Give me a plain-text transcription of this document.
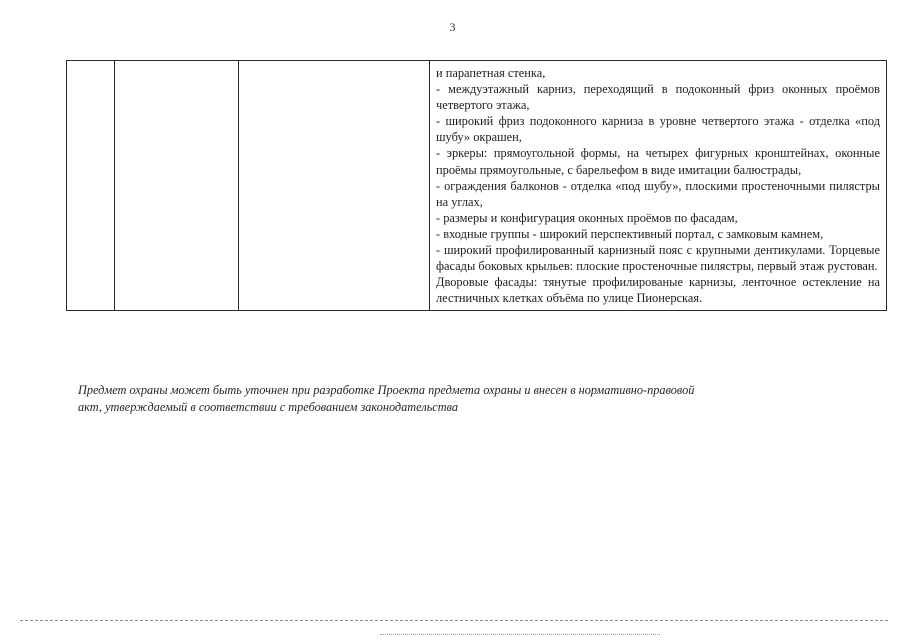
3

и парапетная стенка,

- междуэтажный карниз, переходящий в подоконный фриз оконных проёмов четвертого этажа,

- широкий фриз подоконного карниза в уровне четвертого этажа - отделка «под шубу» окрашен,

- эркеры: прямоугольной формы, на четырех фигурных кронштейнах, оконные проёмы прямоугольные, с барельефом в виде имитации балюстрады,

- ограждения балконов - отделка «под шубу», плоскими простеночными пилястры на углах,

- размеры и конфигурация оконных проёмов по фасадам,

- входные группы - широкий перспективный портал, с замковым камнем,

- широкий профилированный карнизный пояс с крупными дентикулами. Торцевые фасады боковых крыльев: плоские простеночные пилястры, первый этаж рустован.

Дворовые фасады: тянутые профилированые карнизы, ленточное остекление на лестничных клетках объёма по улице Пионерская.

Предмет охраны может быть уточнен при разработке Проекта предмета охраны и внесен в нормативно-правовой

акт, утверждаемый в соответствии с требованием законодательства
